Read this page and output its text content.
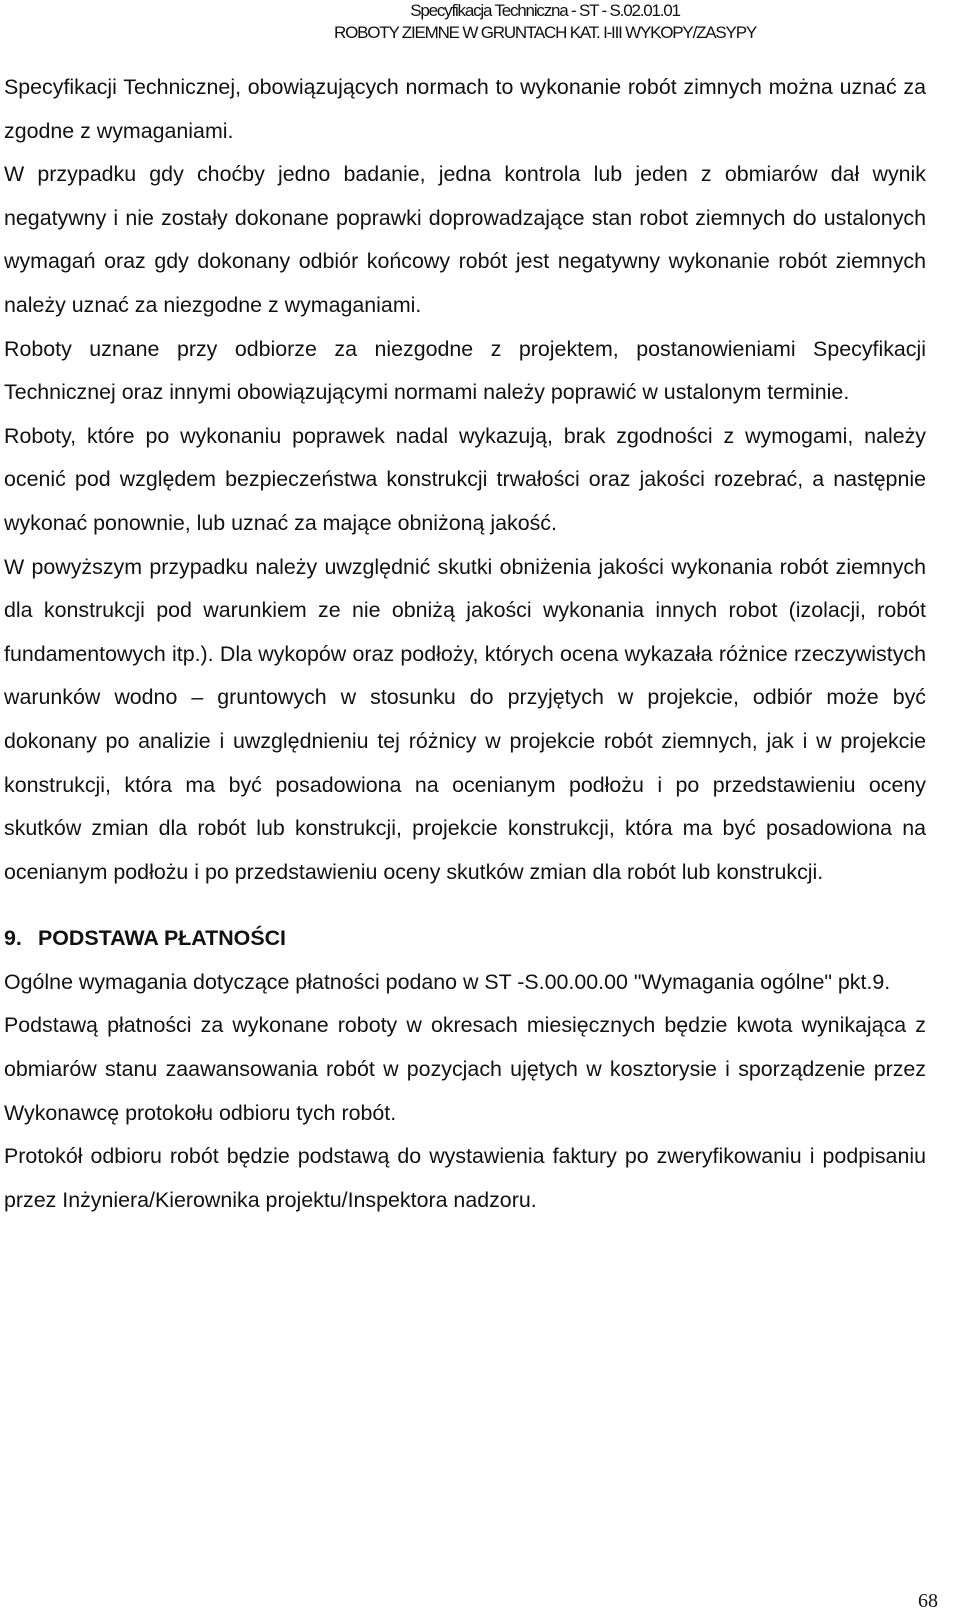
Specyfikacja Techniczna - ST - S.02.01.01
ROBOTY ZIEMNE W GRUNTACH KAT. I-III WYKOPY/ZASYPY

Specyfikacji Technicznej, obowiązujących normach to wykonanie robót zimnych można uznać za zgodne z wymaganiami.

W przypadku gdy choćby jedno badanie, jedna kontrola lub jeden z obmiarów dał wynik negatywny i nie zostały dokonane poprawki doprowadzające stan robot ziemnych do ustalonych wymagań oraz gdy dokonany odbiór końcowy robót jest negatywny wykonanie robót ziemnych należy uznać za niezgodne z wymaganiami.

Roboty uznane przy odbiorze za niezgodne z projektem, postanowieniami Specyfikacji Technicznej oraz innymi obowiązującymi normami należy poprawić w ustalonym terminie.

Roboty, które po wykonaniu poprawek nadal wykazują, brak zgodności z wymogami, należy ocenić pod względem bezpieczeństwa konstrukcji trwałości oraz jakości rozebrać, a następnie wykonać ponownie, lub uznać za mające obniżoną jakość.

W powyższym przypadku należy uwzględnić skutki obniżenia jakości wykonania robót ziemnych dla konstrukcji pod warunkiem ze nie obniżą jakości wykonania innych robot (izolacji, robót fundamentowych itp.). Dla wykopów oraz podłoży, których ocena wykazała różnice rzeczywistych warunków wodno – gruntowych w stosunku do przyjętych w projekcie, odbiór może być dokonany po analizie i uwzględnieniu tej różnicy w projekcie robót ziemnych, jak i w projekcie konstrukcji, która ma być posadowiona na ocenianym podłożu i po przedstawieniu oceny skutków zmian dla robót lub konstrukcji, projekcie konstrukcji, która ma być posadowiona na ocenianym podłożu i po przedstawieniu oceny skutków zmian dla robót lub konstrukcji.

9. PODSTAWA PŁATNOŚCI

Ogólne wymagania dotyczące płatności podano w ST -S.00.00.00 "Wymagania ogólne" pkt.9.

Podstawą płatności za wykonane roboty w okresach miesięcznych będzie kwota wynikająca z obmiarów stanu zaawansowania robót w pozycjach ujętych w kosztorysie i sporządzenie przez Wykonawcę protokołu odbioru tych robót.

Protokół odbioru robót będzie podstawą do wystawienia faktury po zweryfikowaniu i podpisaniu przez Inżyniera/Kierownika projektu/Inspektora nadzoru.

68
